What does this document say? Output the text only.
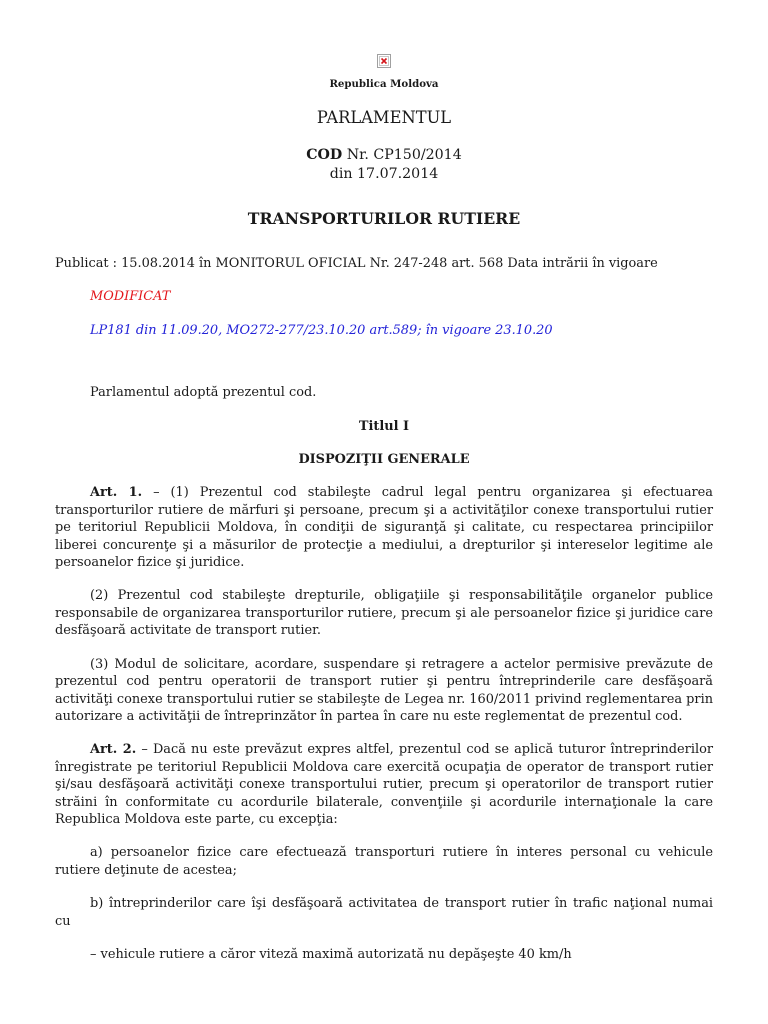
Republica Moldova
PARLAMENTUL
COD Nr. CP150/2014
din 17.07.2014
TRANSPORTURILOR RUTIERE
Publicat : 15.08.2014 în MONITORUL OFICIAL Nr. 247-248 art. 568 Data intrării în vigoare
MODIFICAT
LP181 din 11.09.20, MO272-277/23.10.20 art.589; în vigoare 23.10.20
Parlamentul adoptă prezentul cod.
Titlul I
DISPOZIŢII GENERALE
Art. 1. – (1) Prezentul cod stabileşte cadrul legal pentru organizarea şi efectuarea transporturilor rutiere de mărfuri şi persoane, precum şi a activităţilor conexe transportului rutier pe teritoriul Republicii Moldova, în condiţii de siguranţă şi calitate, cu respectarea principiilor liberei concurenţe şi a măsurilor de protecţie a mediului, a drepturilor şi intereselor legitime ale persoanelor fizice şi juridice.
(2) Prezentul cod stabileşte drepturile, obligaţiile şi responsabilităţile organelor publice responsabile de organizarea transporturilor rutiere, precum şi ale persoanelor fizice şi juridice care desfăşoară activitate de transport rutier.
(3) Modul de solicitare, acordare, suspendare şi retragere a actelor permisive prevăzute de prezentul cod pentru operatorii de transport rutier şi pentru întreprinderile care desfăşoară activităţi conexe transportului rutier se stabileşte de Legea nr. 160/2011 privind reglementarea prin autorizare a activităţii de întreprinzător în partea în care nu este reglementat de prezentul cod.
Art. 2. – Dacă nu este prevăzut expres altfel, prezentul cod se aplică tuturor întreprinderilor înregistrate pe teritoriul Republicii Moldova care exercită ocupaţia de operator de transport rutier şi/sau desfăşoară activităţi conexe transportului rutier, precum şi operatorilor de transport rutier străini în conformitate cu acordurile bilaterale, convenţiile şi acordurile internaţionale la care Republica Moldova este parte, cu excepţia:
a) persoanelor fizice care efectuează transporturi rutiere în interes personal cu vehicule rutiere deţinute de acestea;
b) întreprinderilor care îşi desfăşoară activitatea de transport rutier în trafic naţional numai cu
– vehicule rutiere a căror viteză maximă autorizată nu depăşeşte 40 km/h
